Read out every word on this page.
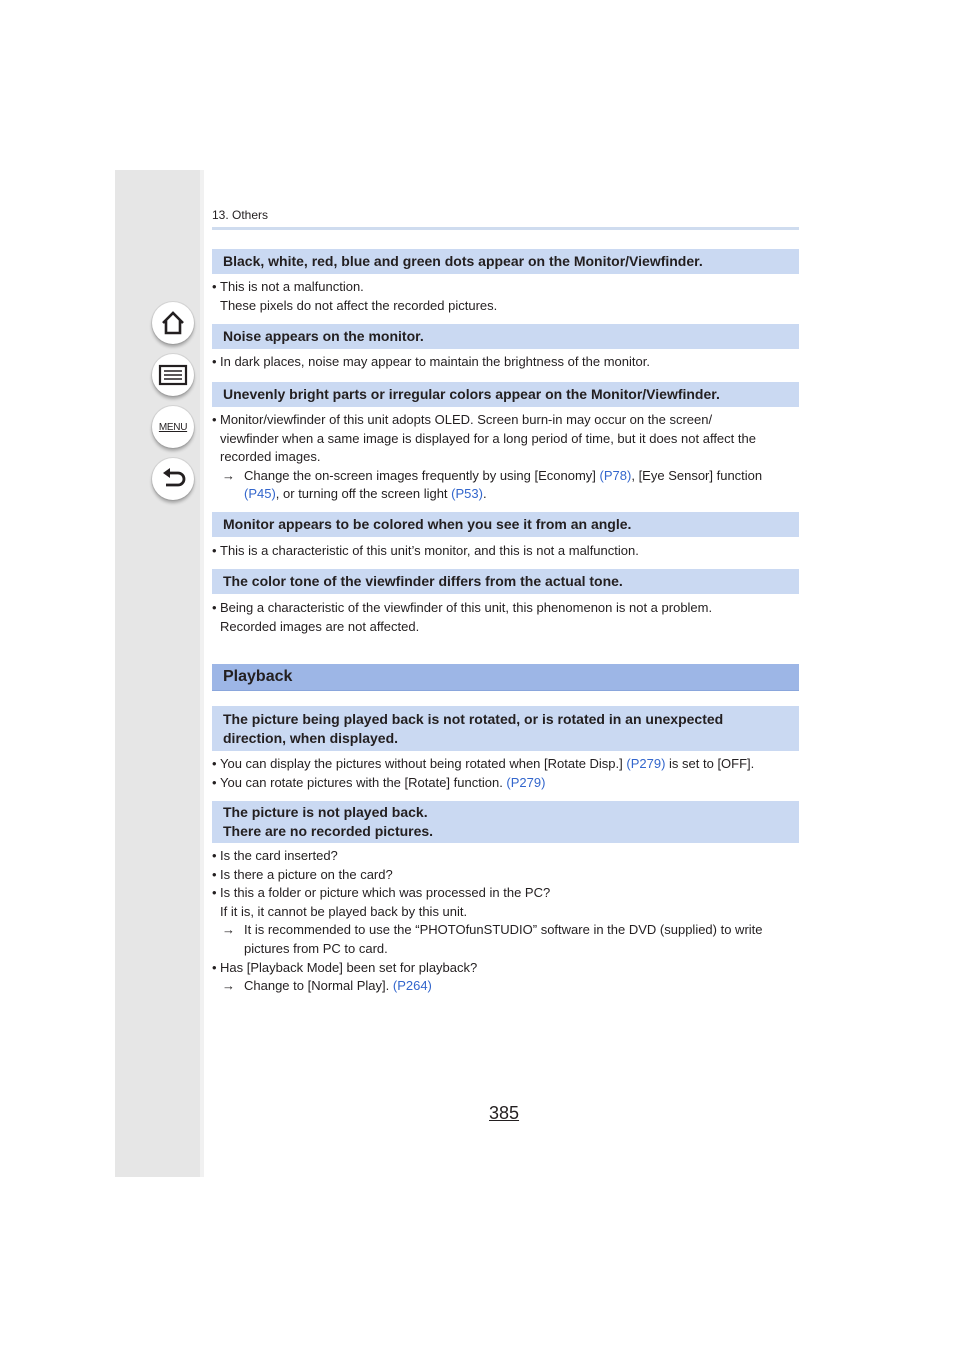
MENU
13. Others
Black, white, red, blue and green dots appear on the Monitor/Viewfinder.
• This is not a malfunction.
These pixels do not affect the recorded pictures.
Noise appears on the monitor.
• In dark places, noise may appear to maintain the brightness of the monitor.
Unevenly bright parts or irregular colors appear on the Monitor/Viewfinder.
• Monitor/viewfinder of this unit adopts OLED. Screen burn-in may occur on the screen/
viewfinder when a same image is displayed for a long period of time, but it does not affect the
recorded images.
→ Change the on-screen images frequently by using [Economy] (P78), [Eye Sensor] function
(P45), or turning off the screen light (P53).
Monitor appears to be colored when you see it from an angle.
• This is a characteristic of this unit’s monitor, and this is not a malfunction.
The color tone of the viewfinder differs from the actual tone.
• Being a characteristic of the viewfinder of this unit, this phenomenon is not a problem.
Recorded images are not affected.
Playback
The picture being played back is not rotated, or is rotated in an unexpected
direction, when displayed.
• You can display the pictures without being rotated when [Rotate Disp.] (P279) is set to [OFF].
• You can rotate pictures with the [Rotate] function. (P279)
The picture is not played back.
There are no recorded pictures.
• Is the card inserted?
• Is there a picture on the card?
• Is this a folder or picture which was processed in the PC?
If it is, it cannot be played back by this unit.
→ It is recommended to use the “PHOTOfunSTUDIO” software in the DVD (supplied) to write
pictures from PC to card.
• Has [Playback Mode] been set for playback?
→ Change to [Normal Play]. (P264)
385
